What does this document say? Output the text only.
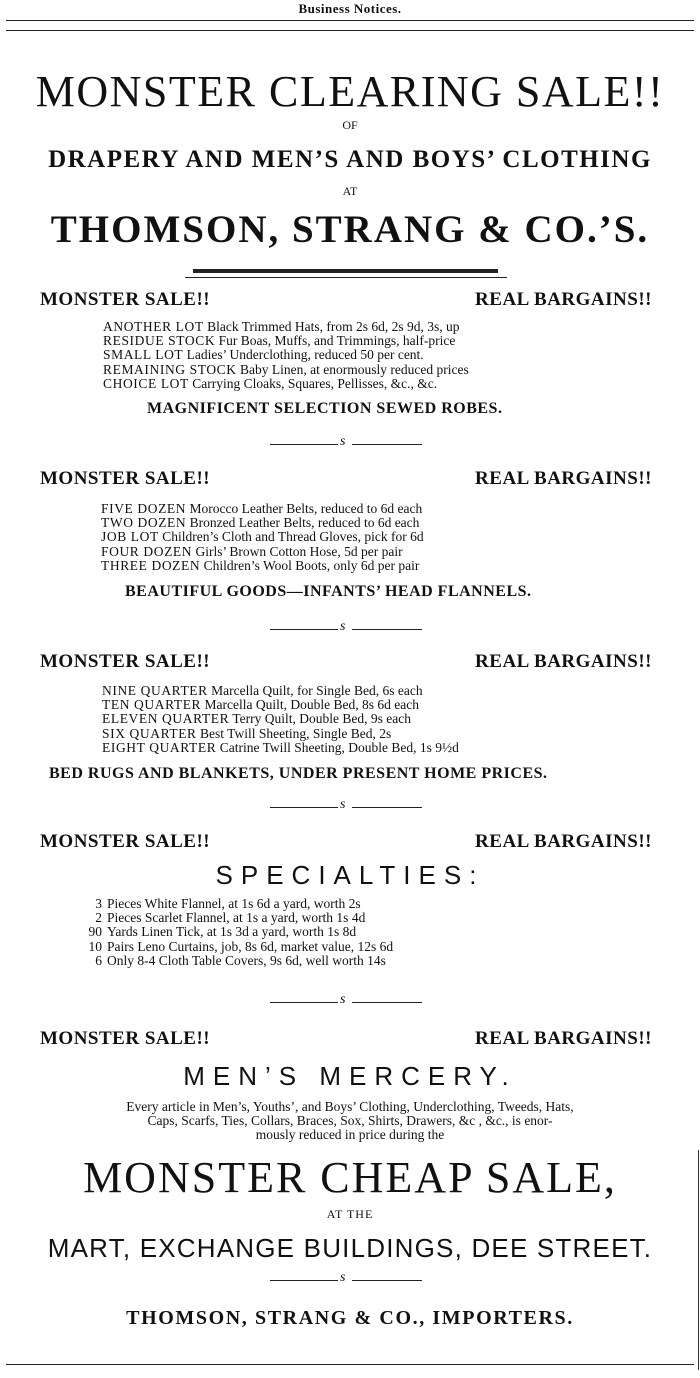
Business Notices.
MONSTER CLEARING SALE!!
OF
DRAPERY AND MEN’S AND BOYS’ CLOTHING
AT
THOMSON, STRANG & CO.’S.
MONSTER SALE!!	REAL BARGAINS!!
ANOTHER LOT Black Trimmed Hats, from 2s 6d, 2s 9d, 3s, up
RESIDUE STOCK Fur Boas, Muffs, and Trimmings, half-price
SMALL LOT Ladies’ Underclothing, reduced 50 per cent.
REMAINING STOCK Baby Linen, at enormously reduced prices
CHOICE LOT Carrying Cloaks, Squares, Pellisses, &c., &c.
MAGNIFICENT SELECTION SEWED ROBES.
s
MONSTER SALE!!	REAL BARGAINS!!
FIVE DOZEN Morocco Leather Belts, reduced to 6d each
TWO DOZEN Bronzed Leather Belts, reduced to 6d each
JOB LOT Children’s Cloth and Thread Gloves, pick for 6d
FOUR DOZEN Girls’ Brown Cotton Hose, 5d per pair
THREE DOZEN Children’s Wool Boots, only 6d per pair
BEAUTIFUL GOODS—INFANTS’ HEAD FLANNELS.
s
MONSTER SALE!!	REAL BARGAINS!!
NINE QUARTER Marcella Quilt, for Single Bed, 6s each
TEN QUARTER Marcella Quilt, Double Bed, 8s 6d each
ELEVEN QUARTER Terry Quilt, Double Bed, 9s each
SIX QUARTER Best Twill Sheeting, Single Bed, 2s
EIGHT QUARTER Catrine Twill Sheeting, Double Bed, 1s 9½d
BED RUGS AND BLANKETS, UNDER PRESENT HOME PRICES.
s
MONSTER SALE!!	REAL BARGAINS!!
SPECIALTIES:
3 Pieces White Flannel, at 1s 6d a yard, worth 2s
2 Pieces Scarlet Flannel, at 1s a yard, worth 1s 4d
90 Yards Linen Tick, at 1s 3d a yard, worth 1s 8d
10 Pairs Leno Curtains, job, 8s 6d, market value, 12s 6d
6 Only 8-4 Cloth Table Covers, 9s 6d, well worth 14s
s
MONSTER SALE!!	REAL BARGAINS!!
MEN’S MERCERY.
Every article in Men’s, Youths’, and Boys’ Clothing, Underclothing, Tweeds, Hats,
Caps, Scarfs, Ties, Collars, Braces, Sox, Shirts, Drawers, &c , &c., is enor-
mously reduced in price during the
MONSTER CHEAP SALE,
AT THE
MART, EXCHANGE BUILDINGS, DEE STREET.
s
THOMSON, STRANG & CO., IMPORTERS.
